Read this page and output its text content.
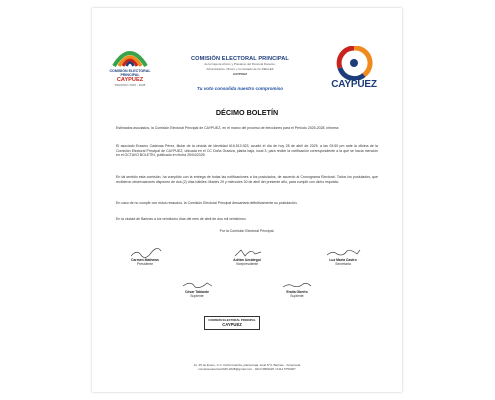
COMISIÓN ELECTORAL
PRINCIPAL
CAYPUEZ
PERIODO 2025 - 2028
COMISIÓN ELECTORAL PRINCIPAL
de la Caja de Ahorro y Préstamo del Personal Docente,
Administrativo, Obrero y Contratado de la UNELLEZ
CAYPUEZ
Tu voto consolida nuestro compromiso	CAYPUEZ
DÉCIMO BOLETÍN

Estimados asociados, la Comisión Electoral Principal de CAYPUEZ, en el marco del proceso de elecciones para el Periodo 2025-2028, informa:

El asociado Erasmo Cadenas Pérez, titular de la cédula de identidad #16.513.923, acudió el día de hoy 28 de abril de 2025, a las 03:50 pm ante la oficina de la Comisión Electoral Principal de CAYPUEZ, ubicada en el CC Doña Graziza, planta baja, local 3, para recibir la notificación correspondiente a la que se hacía mención en el OCTAVO BOLETÍN, publicado en fecha 25/04/2025.

En tal sentido esta comisión, ha cumplido con la entrega de todas las notificaciones a los postulados, de acuerdo al Cronograma Electoral. Todos los postulados, que recibieron observaciones disponen de dos (2) días hábiles: Martes 29 y miércoles 30 de abril del presente año, para cumplir con dicho requisito.

En caso de no cumplir con estos recaudos, la Comisión Electoral Principal descartará definitivamente su postulación.

En la ciudad de Barinas a los veintiocho días del mes de abril de dos mil veinticinco.

Por la Comisión Electoral Principal.

Carmen Mathews
Presidente
Adrián Uzcátegui
Vicepresidente
Luz María Castro
Secretaria
César Tablante
Suplente
Eralia Oberto
Suplente
COMISIÓN ELECTORAL PRINCIPAL
CAYPUEZ
Av. 25 de Enero, C.C. Doña Graziza, planta baja, local N°3. Barinas - Venezuela
comisioneleccion2025-2028@gmail.com · 0414 5800026 / 0414 5753007
